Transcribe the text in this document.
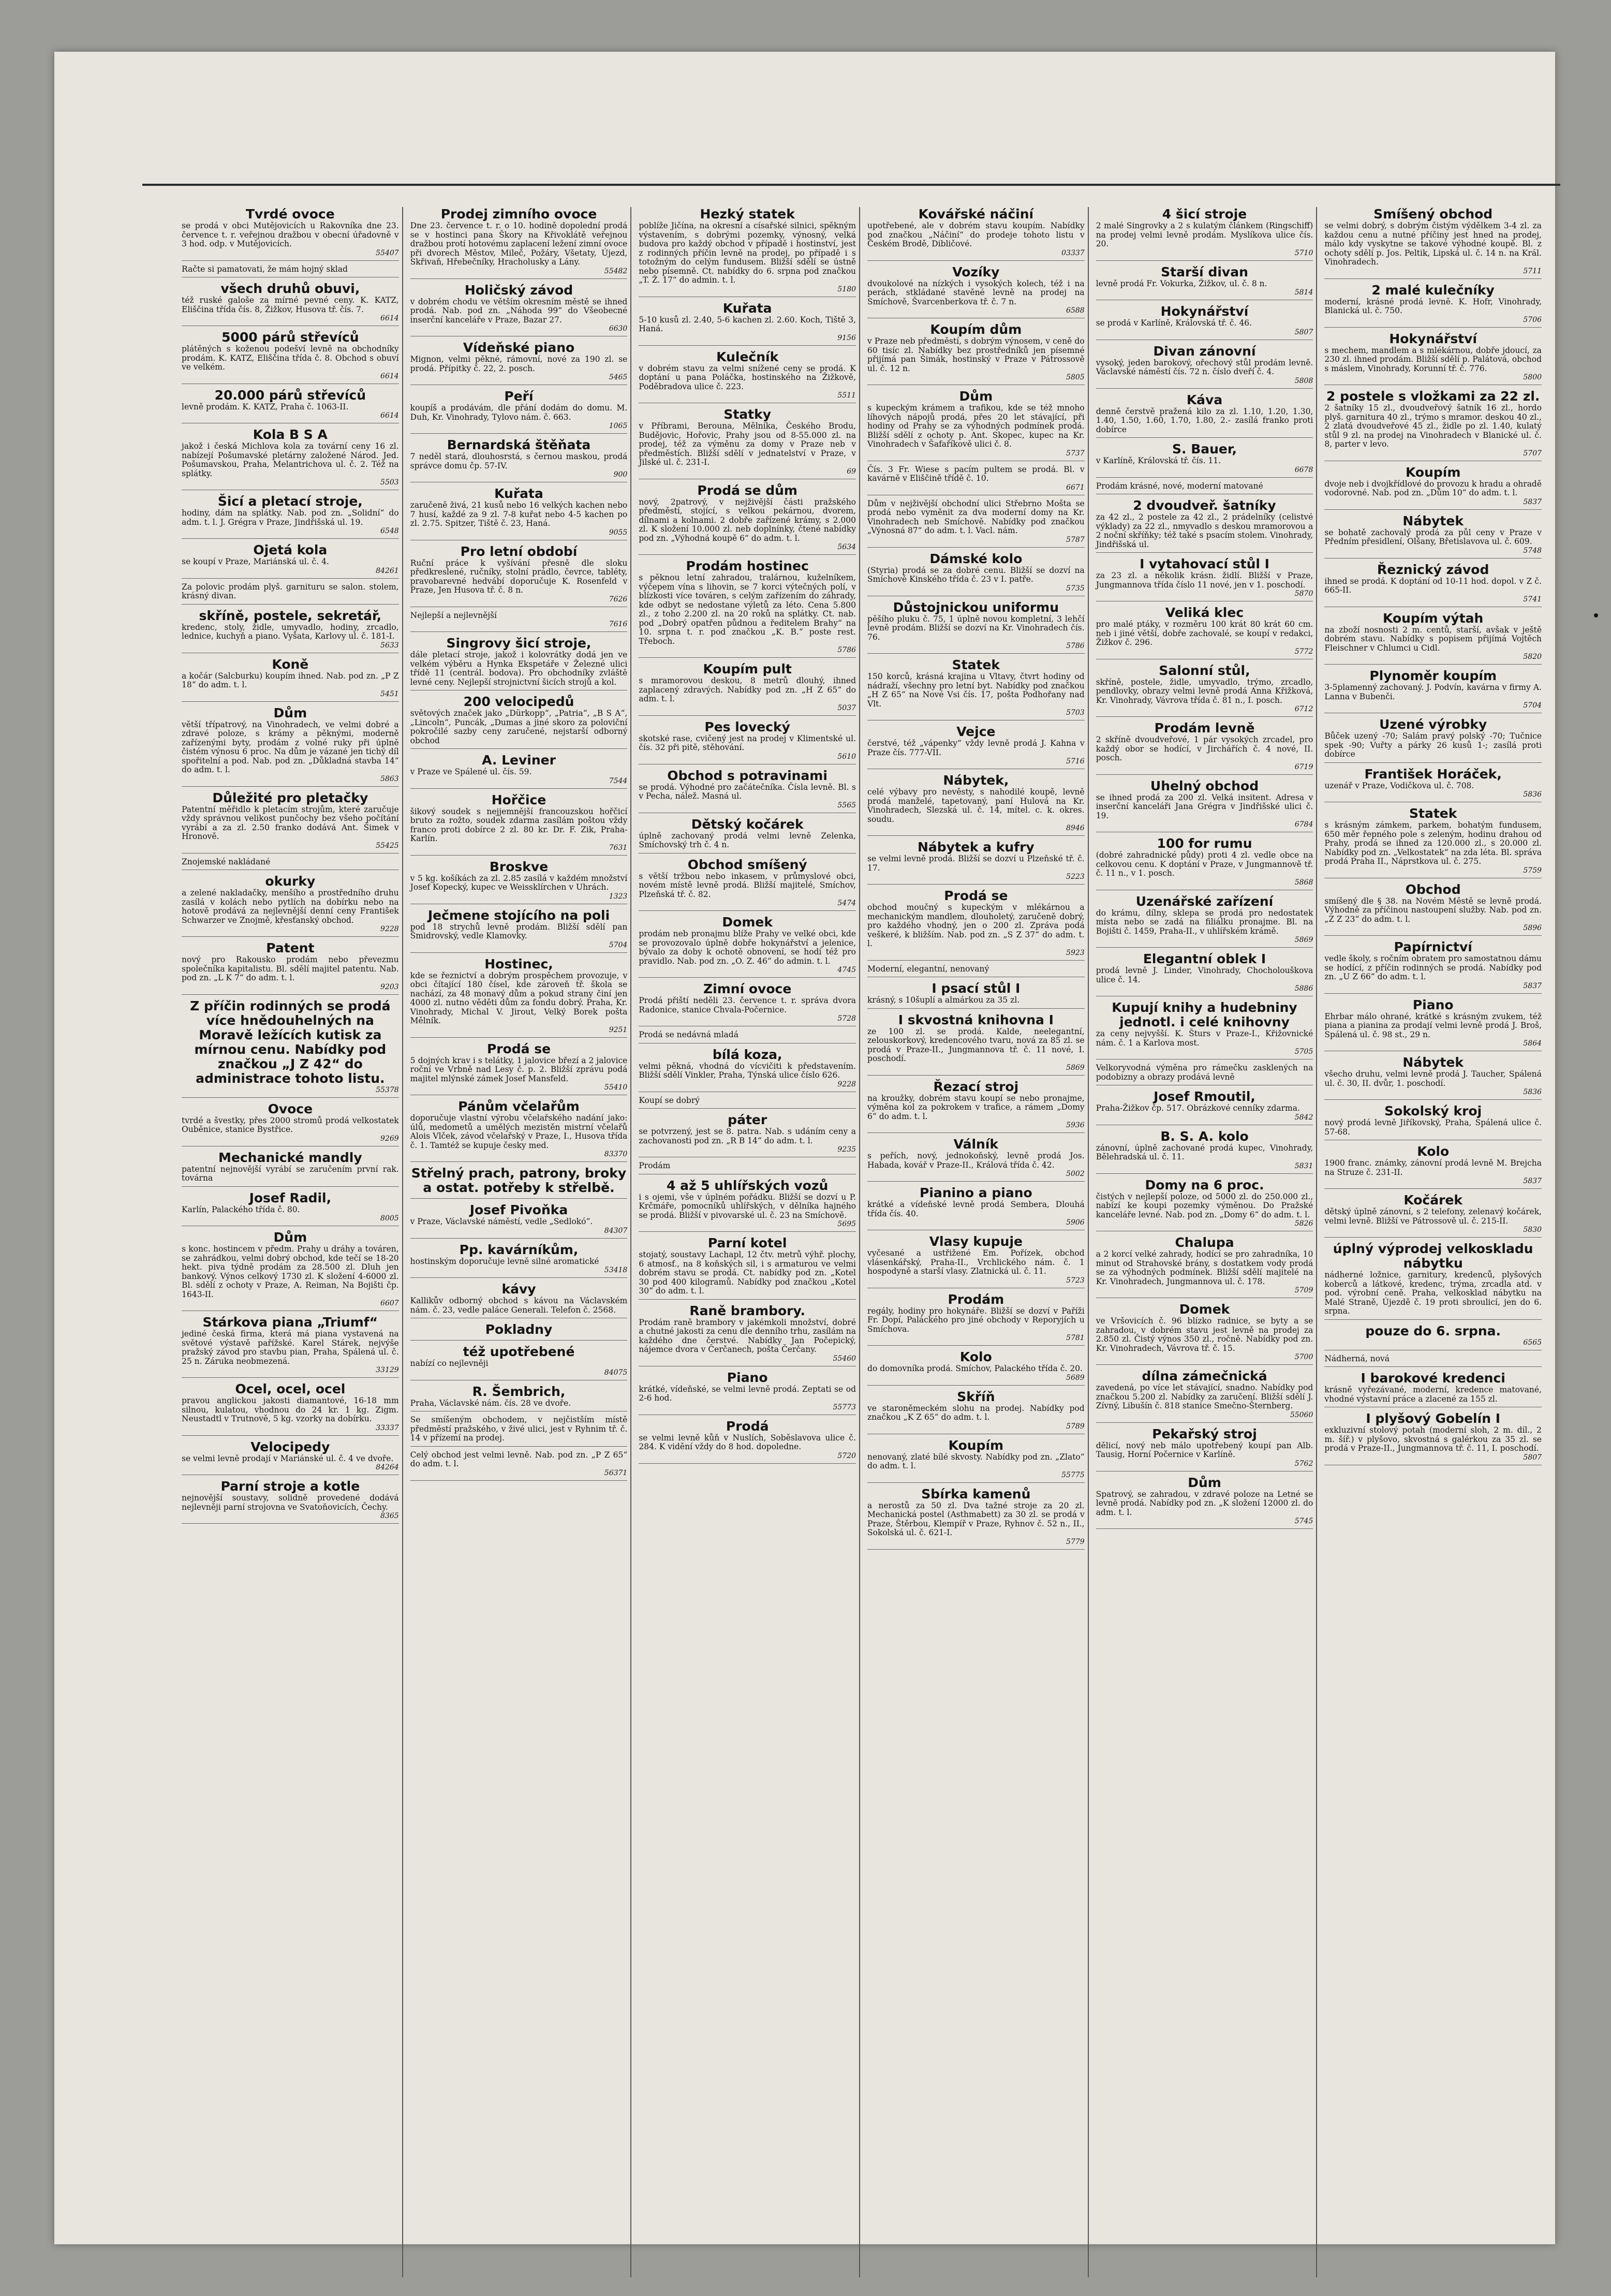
Tvrdé ovoce
se prodá v obci Mutějovicích u Rakovníka dne 23. července t. r. veřejnou dražbou v obecní úřadovně v 3 hod. odp. v Mutějovicích.
55407
Račte si pamatovati, že mám hojný sklad
všech druhů obuvi,
též ruské galoše za mírné pevné ceny. K. KATZ, Eliščina třída čís. 8, Žižkov, Husova tř. čís. 7.
6614
5000 párů střevíců
plátěných s koženou podešví levně na obchodníky prodám. K. KATZ, Eliščina třída č. 8. Obchod s obuví ve velkém.
6614
20.000 párů střevíců
levně prodám. K. KATZ, Praha č. 1063-II.
6614
Kola B S A
jakož i česká Michlova kola za tovární ceny 16 zl. nabízejí Pošumavské pletárny založené Národ. Jed. Pošumavskou, Praha, Melantrichova ul. č. 2. Též na splátky.
5503
Šicí a pletací stroje,
hodiny, dám na splátky. Nab. pod zn. „Solidní“ do adm. t. l. J. Grégra v Praze, Jindřišská ul. 19.
6548
Ojetá kola
se koupí v Praze, Mariánská ul. č. 4.
84261
Za polovic prodám plyš. garnituru se salon. stolem, krásný divan.
skříně, postele, sekretář,
kredenc, stoly, židle, umyvadlo, hodiny, zrcadlo, lednice, kuchyň a piano. Vyšata, Karlovy ul. č. 181-I.
5633
Koně
a kočár (Salcburku) koupím ihned. Nab. pod zn. „P Z 18“ do adm. t. l.
5451
Dům
větší třípatrový, na Vinohradech, ve velmi dobré a zdravé poloze, s krámy a pěknými, moderně zařízenými byty, prodám z volné ruky při úplně čistém výnosu 6 proc. Na dům je vázané jen tichý díl spořitelní a pod. Nab. pod zn. „Důkladná stavba 14“ do adm. t. l.
5863
Důležité pro pletačky
Patentní měřidlo k pletacím strojům, které zaručuje vždy správnou velikost punčochy bez všeho počítání vyrábí a za zl. 2.50 franko dodává Ant. Šimek v Hronově.
55425
Znojemské nakládané
okurky
a zelené nakladačky, menšího a prostředního druhu zasílá v kolách nebo pytlích na dobírku nebo na hotově prodává za nejlevnější denní ceny František Schwarzer ve Znojmě, křesťanský obchod.
9228
Patent
nový pro Rakousko prodám nebo převezmu společníka kapitalistu. Bl. sdělí majitel patentu. Nab. pod zn. „L K 7“ do adm. t. l.
9203
Z příčin rodinných se prodá více hnědouhelných na Moravě ležících kutisk za mírnou cenu. Nabídky pod značkou „J Z 42“ do administrace tohoto listu.
55378
Ovoce
tvrdé a švestky, přes 2000 stromů prodá velkostatek Ouběnice, stanice Bystřice.
9269
Mechanické mandly
patentní nejnovější vyrábí se zaručením první rak. továrna
Josef Radil,
Karlín, Palackého třída č. 80.
8005
Dům
s konc. hostincem v předm. Prahy u dráhy a továren, se zahrádkou, velmi dobrý obchod, kde tečí se 18-20 hekt. piva týdně prodám za 28.500 zl. Dluh jen bankový. Výnos celkový 1730 zl. K složení 4-6000 zl. Bl. sdělí z ochoty v Praze, A. Reiman, Na Bojišti čp. 1643-II.
6607
Stárkova piana „Triumf“
jediné česká firma, která má piana vystavená na světové výstavě pařížské. Karel Stárek, nejvýše pražský závod pro stavbu pian, Praha, Spálená ul. č. 25 n. Záruka neobmezená.
33129
Ocel, ocel, ocel
pravou anglickou jakosti diamantové, 16-18 mm silnou, kulatou, vhodnou do 24 kr. 1 kg. Zigm. Neustadtl v Trutnově, 5 kg. vzorky na dobírku.
33337
Velocipedy
se velmi levně prodají v Mariánské ul. č. 4 ve dvoře.
84264
Parní stroje a kotle
nejnovější soustavy, solidně provedené dodává nejlevněji parní strojovna ve Svatoňovicích, Čechy.
8365
Prodej zimního ovoce
Dne 23. července t. r. o 10. hodině dopolední prodá se v hostinci pana Škory na Křivoklátě veřejnou dražbou protí hotovému zaplacení ležení zimní ovoce při dvorech Městov, Mileč, Požáry, Všetaty, Újezd, Skřivaň, Hřebečníky, Hracholusky a Lány.
55482
Holičský závod
v dobrém chodu ve větším okresním městě se ihned prodá. Nab. pod zn. „Náhoda 99“ do Všeobecné inserční kanceláře v Praze, Bazar 27.
6630
Vídeňské piano
Mignon, velmi pěkné, rámovní, nové za 190 zl. se prodá. Přípitky č. 22, 2. posch.
5465
Peří
koupíš a prodávám, dle přání dodám do domu. M. Duh, Kr. Vinohrady, Tylovo nám. č. 663.
1065
Bernardská štěňata
7 neděl stará, dlouhosrstá, s černou maskou, prodá správce domu čp. 57-IV.
900
Kuřata
zaručeně živá, 21 kusů nebo 16 velkých kachen nebo 7 husí, každé za 9 zl. 7-8 kuřat nebo 4-5 kachen po zl. 2.75. Spitzer, Tiště č. 23, Haná.
9055
Pro letní období
Ruční práce k vyšívání přesně dle sloku předkreslené, ručníky, stolní prádlo, čevrce, tabléty, pravobarevné hedvábí doporučuje K. Rosenfeld v Praze, Jen Husova tř. č. 8 n.
7626
Nejlepší a nejlevnější
7616
Singrovy šicí stroje,
dále pletací stroje, jakož i kolovrátky dodá jen ve velkém výběru a Hynka Ekspetáře v Železné ulici třídě 11 (centrál. bodova). Pro obchodníky zvláště levné ceny. Nejlepší strojnictvní šicích strojů a kol.
200 velocipedů
světových značek jako „Dürkopp“, „Patria“, „B S A“, „Lincoln“, Puncák, „Dumas a jiné skoro za poloviční pokročilé sazby ceny zaručené, nejstarší odborný obchod
A. Leviner
v Praze ve Spálené ul. čís. 59.
7544
Hořčice
šikový soudek s nejjemnější francouzskou hořčicí bruto za rožto, soudek zdarma zasílám poštou vždy franco proti dobírce 2 zl. 80 kr. Dr. F. Zik, Praha-Karlín.
7631
Broskve
v 5 kg. košíkách za zl. 2.85 zasílá v každém množství Josef Kopecký, kupec ve Weissklírchen v Uhrách.
1323
Ječmene stojícího na poli
pod 18 strychů levně prodám. Bližší sdělí pan Šmidrovský, vedle Klamovky.
5704
Hostinec,
kde se řeznictví a dobrým prospěchem provozuje, v obci čítající 180 čísel, kde zároveň tř. škola se nachází, za 48 monavý dům a pokud strany činí jen 4000 zl. nutno věděti dům za fondu dobrý. Praha, Kr. Vinohrady, Michal V. Jirout, Velký Borek pošta Mělník.
9251
Prodá se
5 dojných krav i s telátky, 1 jalovice březí a 2 jalovice roční ve Vrbně nad Lesy č. p. 2. Bližší zprávu podá majitel mlýnské zámek Josef Mansfeld.
55410
Pánům včelařům
doporučuje vlastní výrobu včelařského nadání jako: úlů, medometů a umělých mezistěn mistrní včelařů Alois Vlček, závod včelařský v Praze, I., Husova třída č. 1. Tamtéž se kupuje česky med.
83370
Střelný prach, patrony, broky a ostat. potřeby k střelbě.
Josef Pivoňka
v Praze, Václavské náměstí, vedle „Sedlokó“.
84307
Pp. kavárníkům,
hostinským doporučuje levně silné aromatické
53418
kávy
Kallikův odborný obchod s kávou na Václavském nám. č. 23, vedle paláce Generali. Telefon č. 2568.
Pokladny
též upotřebené
nabízí co nejlevněji
84075
R. Šembrich,
Praha, Václavské nám. čís. 28 ve dvoře.
Se smíšeným obchodem, v nejčistším místě předměstí pražského, v živé ulici, jest v Ryhnim tř. č. 14 v přízemí na prodej.
Celý obchod jest velmi levně. Nab. pod zn. „P Z 65“ do adm. t. l.
56371
Hezký statek
poblíže Jičína, na okresní a císařské silnici, spěkným výstavením, s dobrými pozemky, výnosný, velká budova pro každý obchod v případě i hostinství, jest z rodinných příčin levně na prodej, po případě i s totožným do celým fundusem. Bližší sdělí se ústně nebo písemně. Ct. nabídky do 6. srpna pod značkou „T. Ž. 17“ do admin. t. l.
5180
Kuřata
5-10 kusů zl. 2.40, 5-6 kachen zl. 2.60. Koch, Tiště 3, Haná.
9156
Kulečník
v dobrém stavu za velmi snížené ceny se prodá. K doptání u pana Poláčka, hostinského na Žižkově, Poděbradova ulice č. 223.
5511
Statky
v Příbrami, Berouna, Mělníka, Českého Brodu, Budějovic, Hořovic, Prahy jsou od 8-55.000 zl. na prodej, též za výměnu za domy v Praze neb v předměstích. Bližší sdělí v jednatelství v Praze, v Jilské ul. č. 231-I.
69
Prodá se dům
nový, 2patrový, v nejživější části pražského předměstí, stojící, s velkou pekárnou, dvorem, dílnami a kolnami. 2 dobře zařízené krámy, s 2.000 zl. K složení 10.000 zl. neb doplnínky, čtené nabídky pod zn. „Výhodná koupě 6“ do adm. t. l.
5634
Prodám hostinec
s pěknou letní zahradou, tralárnou, kuželníkem, výčepem vína s lihovin, se 7 korci výtečných polí, v blízkosti více továren, s celým zařízením do záhrady, kde odbyt se nedostane výletů za léto. Cena 5.800 zl., z toho 2.200 zl. na 20 roků na splátky. Ct. nab. pod „Dobrý opatřen půdnou a ředitelem Brahy“ na 10. srpna t. r. pod značkou „K. B.“ poste rest. Třeboch.
5786
Koupím pult
s mramorovou deskou, 8 metrů dlouhý, ihned zaplacený zdravých. Nabídky pod zn. „H Z 65“ do adm. t. l.
5037
Pes lovecký
skotské rase, cvičený jest na prodej v Klimentské ul. čís. 32 při pitě, stěhování.
5610
Obchod s potravinami
se prodá. Výhodné pro začátečníka. Čísla levně. Bl. s v Pecha, nálež. Masná ul.
5565
Dětský kočárek
úplně zachovaný prodá velmi levně Zelenka, Smíchovský trh č. 4 n.
Obchod smíšený
s větší tržbou nebo inkasem, v průmyslové obci, novém místě levně prodá. Bližší majitelé, Smíchov, Plzeňská tř. č. 82.
5474
Domek
prodám neb pronajmu blíže Prahy ve velké obci, kde se provozovalo úplně dobře hokynářství a jelenice, bývalo za doby k ochotě obnovení, se hodí též pro pravidlo. Nab. pod zn. „O. Z. 46“ do admin. t. l.
4745
Zimní ovoce
Prodá přiští neděli 23. července t. r. správa dvora Radonice, stanice Chvala-Počernice.
5728
Prodá se nedávná mladá
bílá koza,
velmi pěkná, vhodná do vícvičiti k představením. Bližší sdělí Vinkler, Praha, Týnská ulice číslo 626.
9228
Koupí se dobrý
páter
se potvrzený, jest se 8. patra. Nab. s udáním ceny a zachovanosti pod zn. „R B 14“ do adm. t. l.
9235
Prodám
4 až 5 uhlířských vozů
i s ojemi, vše v úplném pořádku. Bližší se dozví u P. Krčmáře, pomocníků uhlířských, v dělníka hajného se prodá. Bližší v pivovarské ul. č. 23 na Smíchově.
5695
Parní kotel
stojatý, soustavy Lachapl, 12 čtv. metrů výhř. plochy, 6 atmosf., na 8 koňských sil, i s armaturou ve velmi dobrém stavu se prodá. Ct. nabídky pod zn. „Kotel 30 pod 400 kilogramů. Nabídky pod značkou „Kotel 30“ do adm. t. l.
Raně brambory.
Prodám raně brambory v jakémkoli množství, dobré a chutné jakosti za cenu dle denního trhu, zasílám na každého dne čerstvé. Nabídky Jan Počepický, nájemce dvora v Čerčanech, pošta Čerčany.
55460
Piano
krátké, vídeňské, se velmi levně prodá. Zeptati se od 2-6 hod.
55773
Prodá
se velmi levně kůň v Nuslích, Soběslavova ulice č. 284. K vidění vždy do 8 hod. dopoledne.
5720
Kovářské náčiní
upotřebené, ale v dobrém stavu koupím. Nabídky pod značkou „Náčiní“ do prodeje tohoto listu v Českém Brodě, Dibličové.
03337
Vozíky
dvoukolové na nízkých i vysokých kolech, též i na perách, stkládané stavěné levně na prodej na Smíchově, Švarcenberkova tř. č. 7 n.
6588
Koupím dům
v Praze neb předměstí, s dobrým výnosem, v ceně do 60 tisíc zl. Nabídky bez prostředníků jen písemné přijímá pan Šimák, hostinský v Praze v Pátrossově ul. č. 12 n.
5805
Dům
s kupeckým krámem a trafikou, kde se též mnoho líhových nápojů prodá, přes 20 let stávající, při hodiny od Prahy se za výhodných podmínek prodá. Bližší sdělí z ochoty p. Ant. Skopec, kupec na Kr. Vinohradech v Šafaříkově ulici č. 8.
5737
Čís. 3 Fr. Wiese s pacím pultem se prodá. Bl. v kavárně v Eliščině třídě č. 10.
6671
Dům v nejživější obchodní ulici Střebrno Mošta se prodá nebo vyměnit za dva moderní domy na Kr. Vinohradech neb Smíchově. Nabídky pod značkou „Výnosná 87“ do adm. t. l. Vacl. nám.
5787
Dámské kolo
(Styria) prodá se za dobré cenu. Bližší se dozví na Smíchově Kinského třída č. 23 v I. patře.
5735
Důstojnickou uniformu
pěšího pluku č. 75, 1 úplně novou kompletní, 3 lehčí levně prodám. Bližší se dozví na Kr. Vinohradech čís. 76.
5786
Statek
150 korců, krásná krajina u Vltavy, čtvrt hodiny od nádraží, všechny pro letní byt. Nabídky pod značkou „H Z 65“ na Nové Vsi čís. 17, pošta Podhořany nad Vlt.
5703
Vejce
čerstvé, též „vápenky“ vždy levně prodá J. Kahna v Praze čís. 777-VII.
5716
Nábytek,
celé výbavy pro nevěsty, s nahodilé koupě, levně prodá manželé, tapetovaný, paní Hulová na Kr. Vinohradech, Slezská ul. č. 14, mítel. c. k. okres. soudu.
8946
Nábytek a kufry
se velmi levně prodá. Bližší se dozví u Plzeňské tř. č. 17.
5223
Prodá se
obchod moučný s kupeckým v mlékárnou a mechanickým mandlem, dlouholetý, zaručeně dobrý, pro každého vhodný, jen o 200 zl. Zpráva podá veškeré, k bližším. Nab. pod zn. „S Z 37“ do adm. t. l.
5923
Moderní, elegantní, nenovaný
I psací stůl I
krásný, s 10šuplí a almárkou za 35 zl.
I skvostná knihovna I
ze 100 zl. se prodá. Kalde, neelegantní, zelouskorkový, kredencového tvaru, nová za 85 zl. se prodá v Praze-II., Jungmannova tř. č. 11 nové, I. poschodí.
5869
Řezací stroj
na kroužky, dobrém stavu koupí se nebo pronajme, výměna kol za pokrokem v trafice, a rámem „Domy 6“ do adm. t. l.
5936
Válník
s peřích, nový, jednokoňský, levně prodá Jos. Habada, kovář v Praze-II., Králová třída č. 42.
5002
Pianino a piano
krátké a vídeňské levně prodá Sembera, Dlouhá třída čís. 40.
5906
Vlasy kupuje
vyčesané a ustřižené Em. Pořízek, obchod vlásenkářský, Praha-II., Vrchlického nám. č. 1 hospodyně a starší vlasy. Zlatnická ul. č. 11.
5723
Prodám
regály, hodiny pro hokynáře. Bližší se dozví v Paříži Fr. Dopí, Paláckého pro jiné obchody v Reporyjích u Smíchova.
5781
Kolo
do domovníka prodá. Smíchov, Palackého třída č. 20.
5689
Skříň
ve staroněmeckém slohu na prodej. Nabídky pod značkou „K Z 65“ do adm. t. l.
5789
Koupím
nenovaný, zlaté bílé skvosty. Nabídky pod zn. „Zlato“ do adm. t. l.
55775
Sbírka kamenů
a nerostů za 50 zl. Dva tažné stroje za 20 zl. Mechanická postel (Asthmabett) za 30 zl. se prodá v Praze, Štěrbou, Klempíř v Praze, Ryhnov č. 52 n., II., Sokolská ul. č. 621-I.
5779
4 šicí stroje
2 malé Singrovky a 2 s kulatým článkem (Ringschiff) na prodej velmi levně prodám. Myslíkova ulice čís. 20.
5710
Starší divan
levně prodá Fr. Vokurka, Žižkov, ul. č. 8 n.
5814
Hokynářství
se prodá v Karlíně, Královská tř. č. 46.
5807
Divan zánovní
vysoký, jeden barokový, ořechový stůl prodám levně. Václavské náměstí čís. 72 n. číslo dveří č. 4.
5808
Káva
denně čerstvě pražená kilo za zl. 1.10, 1.20, 1.30, 1.40, 1.50, 1.60, 1.70, 1.80, 2.- zasílá franko proti dobírce
S. Bauer,
v Karlíně, Královská tř. čís. 11.
6678
Prodám krásné, nové, moderní matované
2 dvoudveř. šatníky
za 42 zl., 2 postele za 42 zl., 2 prádelníky (celistvé výklady) za 22 zl., nmyvadlo s deskou mramorovou a 2 noční skříňky; též také s psacím stolem. Vinohrady, Jindřišská ul.
I vytahovací stůl I
za 23 zl. a několik krásn. židlí. Bližší v Praze, Jungmannova třída číslo 11 nové, jen v 1. poschodí.
5870
Veliká klec
pro malé ptáky, v rozměru 100 krát 80 krát 60 cm. neb i jiné větší, dobře zachovalé, se koupí v redakci, Žižkov č. 296.
5772
Salonní stůl,
skříně, postele, židle, umyvadlo, trýmo, zrcadlo, pendlovky, obrazy velmi levně prodá Anna Křižková, Kr. Vinohrady, Vávrova třída č. 81 n., I. posch.
6712
Prodám levně
2 skříně dvoudveřové, 1 pár vysokých zrcadel, pro každý obor se hodící, v Jirchářích č. 4 nové, II. posch.
6719
Uhelný obchod
se ihned prodá za 200 zl. Velká insitent. Adresa v inserční kanceláři Jana Grégra v Jindřišské ulici č. 19.
6784
100 for rumu
(dobré zahradnické půdy) proti 4 zl. vedle obce na celkovou cenu. K doptání v Praze, v Jungmannově tř. č. 11 n., v 1. posch.
5868
Uzenářské zařízení
do krámu, dílny, sklepa se prodá pro nedostatek místa nebo se zadá na filiálku pronajme. Bl. na Bojišti č. 1459, Praha-II., v uhlířském krámě.
5869
Elegantní oblek I
prodá levně J. Linder, Vinohrady, Chocholouškova ulice č. 14.
5886
Kupují knihy a hudebniny jednotl. i celé knihovny
za ceny nejvyšší. K. Šturs v Praze-I., Křižovnické nám. č. 1 a Karlova most.
5705
Velkoryvodná výměna pro rámečku zasklených na podobizny a obrazy prodává levně
Josef Rmoutil,
Praha-Žižkov čp. 517. Obrázkové cenníky zdarma.
5842
B. S. A. kolo
zánovní, úplně zachované prodá kupec, Vinohrady, Bělehradská ul. č. 11.
5831
Domy na 6 proc.
čistých v nejlepší poloze, od 5000 zl. do 250.000 zl., nabízí ke koupi pozemky výměnou. Do Pražské kanceláře levné. Nab. pod zn. „Domy 6“ do adm. t. l.
5826
Chalupa
a 2 korcí velké zahrady, hodící se pro zahradníka, 10 minut od Strahovské brány, s dostatkem vody prodá se za výhodných podmínek. Bližší sdělí majitelé na Kr. Vinohradech, Jungmannova ul. č. 178.
5709
Domek
ve Vršovicích č. 96 blízko radnice, se byty a se zahradou, v dobrém stavu jest levně na prodej za 2.850 zl. Čistý výnos 350 zl., ročně. Nabídky pod zn. Kr. Vinohradech, Vávrova tř. č. 15.
5700
dílna zámečnická
zavedená, po více let stávající, snadno. Nabídky pod značkou 5.200 zl. Nabídky za zaručení. Bližší sdělí J. Zívný, Libušín č. 818 stanice Smečno-Šternberg.
55060
Pekařský stroj
dělicí, nový neb málo upotřebený koupí pan Alb. Tausig, Horní Počernice v Karlíně.
5762
Dům
Spatrový, se zahradou, v zdravé poloze na Letné se levně prodá. Nabídky pod zn. „K složení 12000 zl. do adm. t. l.
5745
Smíšený obchod
se velmi dobrý, s dobrým čistým výdělkem 3-4 zl. za každou cenu a nutné příčiny jest hned na prodej, málo kdy vyskytne se takové výhodné koupě. Bl. z ochoty sdělí p. Jos. Peltik, Lipská ul. č. 14 n. na Král. Vinohradech.
5711
2 malé kulečníky
moderní, krásné prodá levně. K. Hofr, Vinohrady, Blanická ul. č. 750.
5706
Hokynářství
s mechem, mandlem a s mlékárnou, dobře jdoucí, za 230 zl. ihned prodám. Bližší sdělí p. Palátová, obchod s máslem, Vinohrady, Korunní tř. č. 776.
5800
2 postele s vložkami za 22 zl.
2 šatníky 15 zl., dvoudveřový šatník 16 zl., hordo plyš. garnitura 40 zl., trýmo s mramor. deskou 40 zl., 2 zlatá dvoudveřové 45 zl., židle po zl. 1.40, kulatý stůl 9 zl. na prodej na Vinohradech v Blanické ul. č. 8, parter v levo.
5707
Koupím
dvoje neb i dvojkřídlové do provozu k hradu a ohradě vodorovné. Nab. pod zn. „Dům 10“ do adm. t. l.
5837
Nábytek
se bohatě zachovalý prodá za půl ceny v Praze v Předním přesidlení, Olšany, Břetislavova ul. č. 609.
5748
Řeznický závod
ihned se prodá. K doptání od 10-11 hod. dopol. v Z č. 665-II.
5741
Koupím výtah
na zboží nosnosti 2 m. centů, starší, avšak v ještě dobrém stavu. Nabídky s popisem přijímá Vojtěch Fleischner v Chlumci u Cidl.
5820
Plynoměr koupím
3-5plamenný zachovaný. J. Podvín, kavárna v firmy A. Lanna v Bubenči.
5704
Uzené výrobky
Bůček uzený -70; Salám pravý polský -70; Tučnice spek -90; Vuřty a párky 26 kusů 1-; zasílá proti dobírce
František Horáček,
uzenář v Praze, Vodičkova ul. č. 708.
5836
Statek
s krásným zámkem, parkem, bohatým fundusem, 650 měr řepného pole s zeleným, hodinu drahou od Prahy, prodá se ihned za 120.000 zl., s 20.000 zl. Nabídky pod zn. „Velkostatek“ na zda léta. Bl. správa prodá Praha II., Náprstkova ul. č. 275.
5759
Obchod
smíšený dle § 38. na Novém Městě se levně prodá. Výhodně za příčinou nastoupení služby. Nab. pod zn. „Z Z 23“ do adm. t. l.
5896
Papírnictví
vedle školy, s ročním obratem pro samostatnou dámu se hodící, z příčin rodinných se prodá. Nabídky pod zn. „U Z 66“ do adm. t. l.
5837
Piano
Ehrbar málo ohrané, krátké s krásným zvukem, též piana a pianina za prodají velmi levně prodá J. Broš, Spálená ul. č. 98 st., 29 n.
5864
Nábytek
všecho druhu, velmi levně prodá J. Taucher, Spálená ul. č. 30, II. dvůr, 1. poschodí.
5836
Sokolský kroj
nový prodá levně Jiříkovský, Praha, Spálená ulice č. 57-68.
Kolo
1900 franc. známky, zánovní prodá levně M. Brejcha na Struze č. 231-II.
5837
Kočárek
dětský úplně zánovní, s 2 telefony, zelenavý kočárek, velmi levně. Bližší ve Pátrossově ul. č. 215-II.
5830
úplný výprodej velkoskladu nábytku
nádherné ložnice, garnitury, kredenců, plyšových koberců a látkové, kredenc, trýma, zrcadla atd. v pod. výrobní ceně. Praha, velkosklad nábytku na Malé Straně, Újezdě č. 19 proti sbroulicí, jen do 6. srpna.
pouze do 6. srpna.
6565
Nádherná, nová
I barokové kredenci
krásně vyřezávané, moderní, kredence matované, vhodné výstavní práce a zlacené za 155 zl.
I plyšový Gobelín I
exkluzivní stolový potah (moderní sloh, 2 m. díl., 2 m. šíř.) v plyšovo, skvostná s galérkou za 35 zl. se prodá v Praze-II., Jungmannova tř. č. 11, I. poschodí.
5807
